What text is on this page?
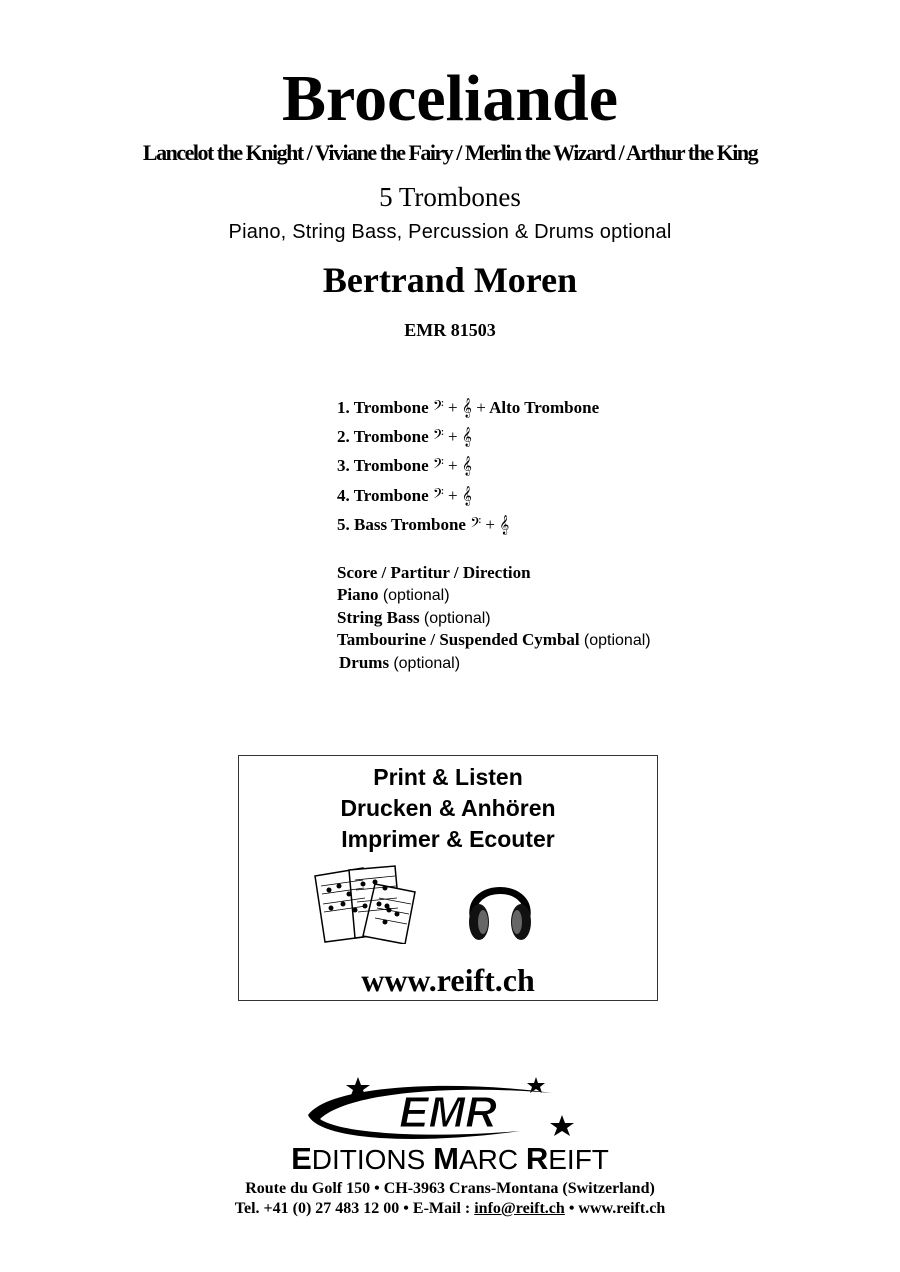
Broceliande
Lancelot the Knight / Viviane the Fairy / Merlin the Wizard / Arthur the King
5 Trombones
Piano, String Bass, Percussion & Drums optional
Bertrand Moren
EMR 81503
1. Trombone 𝄢 + 𝄞 + Alto Trombone
2. Trombone 𝄢 + 𝄞
3. Trombone 𝄢 + 𝄞
4. Trombone 𝄢 + 𝄞
5. Bass Trombone 𝄢 + 𝄞
Score / Partitur / Direction
Piano (optional)
String Bass (optional)
Tambourine / Suspended Cymbal (optional)
Drums (optional)
Print & Listen
Drucken & Anhören
Imprimer & Ecouter
www.reift.ch
EMR
EDITIONS MARC REIFT
Route du Golf 150 • CH-3963 Crans-Montana (Switzerland)
Tel. +41 (0) 27 483 12 00 • E-Mail : info@reift.ch • www.reift.ch
